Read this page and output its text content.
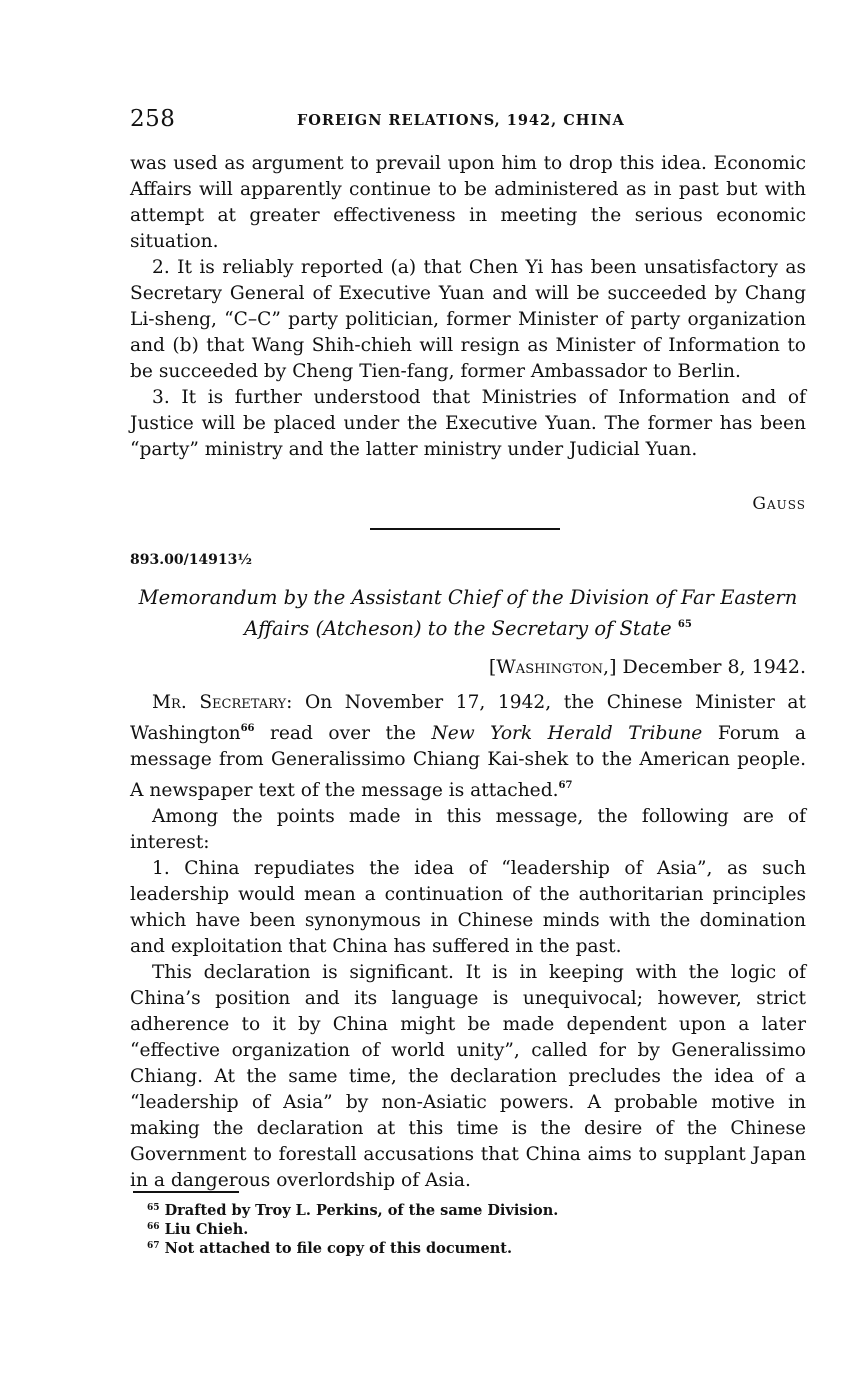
258	FOREIGN RELATIONS, 1942, CHINA

was used as argument to prevail upon him to drop this idea. Economic Affairs will apparently continue to be administered as in past but with attempt at greater effectiveness in meeting the serious economic situation.

2. It is reliably reported (a) that Chen Yi has been unsatisfactory as Secretary General of Executive Yuan and will be succeeded by Chang Li-sheng, “C–C” party politician, former Minister of party organization and (b) that Wang Shih-chieh will resign as Minister of Information to be succeeded by Cheng Tien-fang, former Ambassador to Berlin.

3. It is further understood that Ministries of Information and of Justice will be placed under the Executive Yuan. The former has been “party” ministry and the latter ministry under Judicial Yuan.

Gauss
893.00/14913½
Memorandum by the Assistant Chief of the Division of Far Eastern
Affairs (Atcheson) to the Secretary of State $^{65}$
[Washington,] December 8, 1942.

Mr. Secretary: On November 17, 1942, the Chinese Minister at Washington$^{66}$ read over the New York Herald Tribune Forum a message from Generalissimo Chiang Kai-shek to the American people. A newspaper text of the message is attached.$^{67}$

Among the points made in this message, the following are of interest:

1. China repudiates the idea of “leadership of Asia”, as such leadership would mean a continuation of the authoritarian principles which have been synonymous in Chinese minds with the domination and exploitation that China has suffered in the past.

This declaration is significant. It is in keeping with the logic of China’s position and its language is unequivocal; however, strict adherence to it by China might be made dependent upon a later “effective organization of world unity”, called for by Generalissimo Chiang. At the same time, the declaration precludes the idea of a “leadership of Asia” by non-Asiatic powers. A probable motive in making the declaration at this time is the desire of the Chinese Government to forestall accusations that China aims to supplant Japan in a dangerous overlordship of Asia.

$^{65}$ Drafted by Troy L. Perkins, of the same Division.
$^{66}$ Liu Chieh.
$^{67}$ Not attached to file copy of this document.
